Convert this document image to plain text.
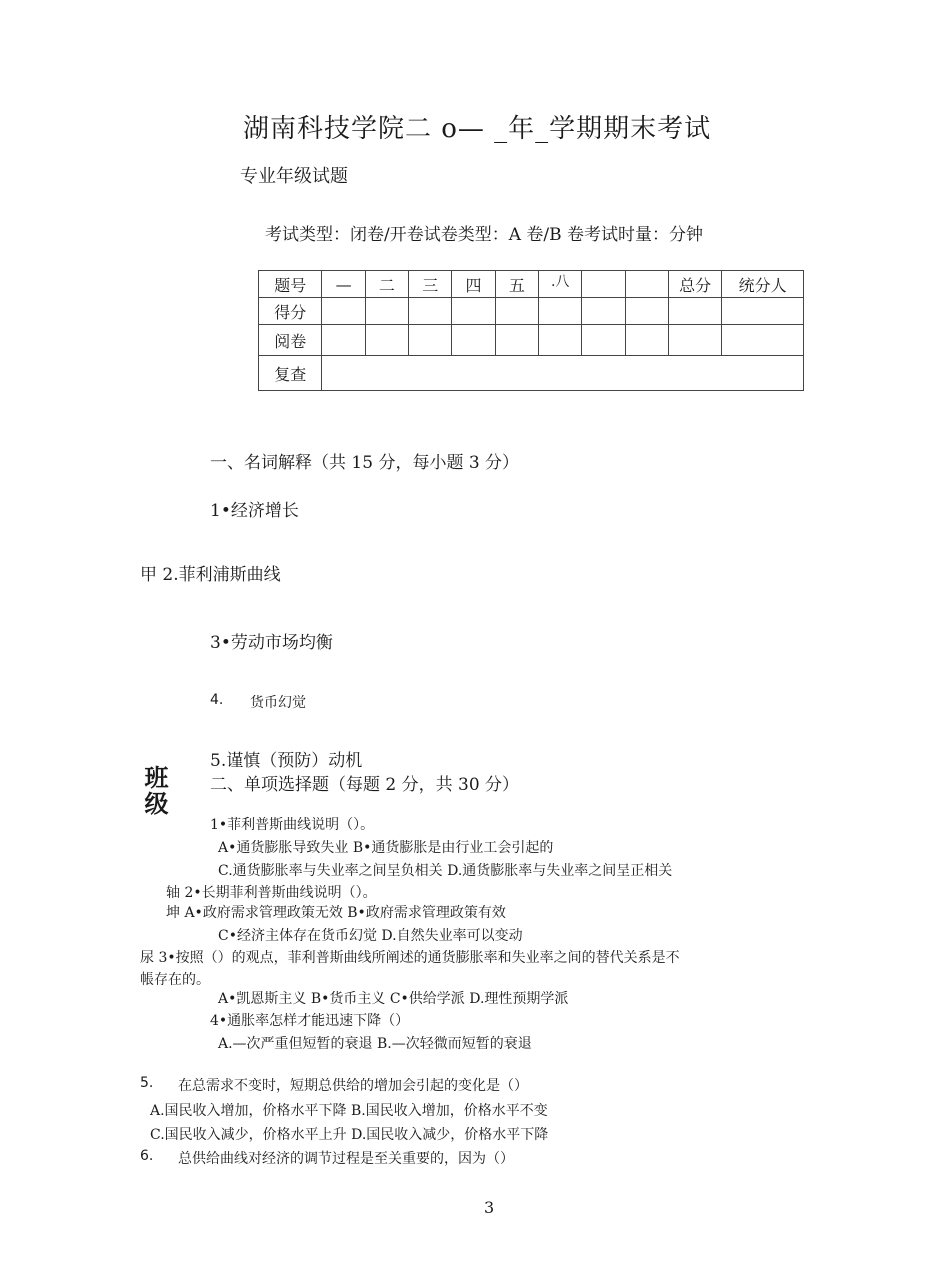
湖南科技学院二 o— _年_学期期末考试
专业年级试题
考试类型：闭卷/开卷试卷类型：A 卷/B 卷考试时量：分钟
题号	—	二	三	四	五	.八			总分	统分人
得分										
阅卷										
复查										
一、名词解释（共 15 分，每小题 3 分）
1•经济增长
甲 2.菲利浦斯曲线
3•劳动市场均衡
4. 货币幻觉
5.谨慎（预防）动机
班级 二、单项选择题（每题 2 分，共 30 分）
1•菲利普斯曲线说明（）。
A•通货膨胀导致失业 B•通货膨胀是由行业工会引起的
C.通货膨胀率与失业率之间呈负相关 D.通货膨胀率与失业率之间呈正相关
轴 2•长期菲利普斯曲线说明（）。
坤 A•政府需求管理政策无效 B•政府需求管理政策有效
C•经济主体存在货币幻觉 D.自然失业率可以变动
尿 3•按照（）的观点，菲利普斯曲线所阐述的通货膨胀率和失业率之间的替代关系是不
帳存在的。
A•凯恩斯主义 B•货币主义 C•供给学派 D.理性预期学派
4•通胀率怎样才能迅速下降（）
A.—次严重但短暂的衰退 B.—次轻微而短暂的衰退
5. 在总需求不变时，短期总供给的增加会引起的变化是（）
A.国民收入增加，价格水平下降 B.国民收入增加，价格水平不变
C.国民收入减少，价格水平上升 D.国民收入减少，价格水平下降
6. 总供给曲线对经济的调节过程是至关重要的，因为（）
3
